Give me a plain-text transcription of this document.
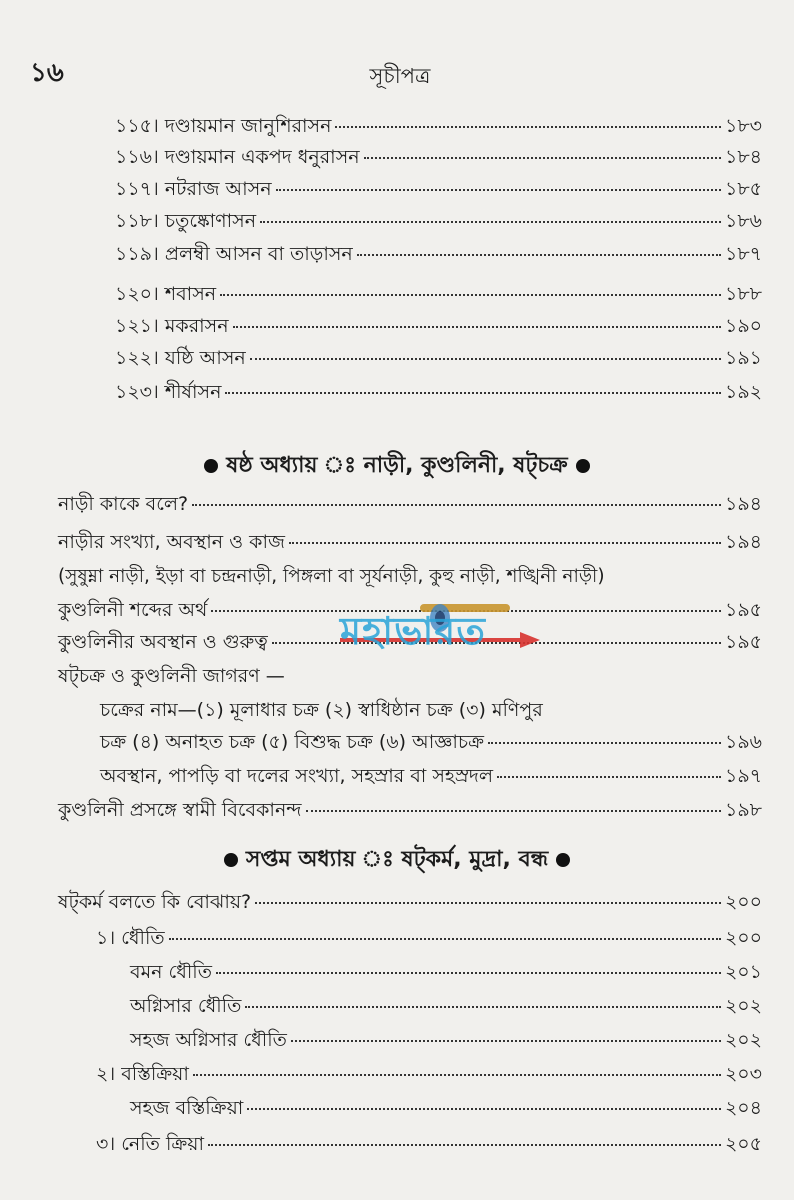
১৬	সূচীপত্র
১১৫। দণ্ডায়মান জানুশিরাসন	১৮৩
১১৬। দণ্ডায়মান একপদ ধনুরাসন	১৮৪
১১৭। নটরাজ আসন	১৮৫
১১৮। চতুষ্কোণাসন	১৮৬
১১৯। প্রলম্বী আসন বা তাড়াসন	১৮৭
১২০। শবাসন	১৮৮
১২১। মকরাসন	১৯০
১২২। যষ্ঠি আসন	১৯১
১২৩। শীর্ষাসন	১৯২
ষষ্ঠ অধ্যায় ঃ নাড়ী, কুণ্ডলিনী, ষট্‌চক্র
নাড়ী কাকে বলে?	১৯৪
নাড়ীর সংখ্যা, অবস্থান ও কাজ	১৯৪
(সুষুম্না নাড়ী, ইড়া বা চন্দ্রনাড়ী, পিঙ্গলা বা সূর্যনাড়ী, কুহু নাড়ী, শঙ্খিনী নাড়ী)
কুণ্ডলিনী শব্দের অর্থ	১৯৫
কুণ্ডলিনীর অবস্থান ও গুরুত্ব	১৯৫
ষট্‌চক্র ও কুণ্ডলিনী জাগরণ —
চক্রের নাম—(১) মূলাধার চক্র (২) স্বাধিষ্ঠান চক্র (৩) মণিপুর
চক্র (৪) অনাহত চক্র (৫) বিশুদ্ধ চক্র (৬) আজ্ঞাচক্র	১৯৬
অবস্থান, পাপড়ি বা দলের সংখ্যা, সহস্রার বা সহস্রদল	১৯৭
কুণ্ডলিনী প্রসঙ্গে স্বামী বিবেকানন্দ	১৯৮
সপ্তম অধ্যায় ঃ ষট্‌কর্ম, মুদ্রা, বন্ধ
ষট্‌কর্ম বলতে কি বোঝায়?	২০০
১। ধৌতি	২০০
বমন ধৌতি	২০১
অগ্নিসার ধৌতি	২০২
সহজ অগ্নিসার ধৌতি	২০২
২। বস্তিক্রিয়া	২০৩
সহজ বস্তিক্রিয়া	২০৪
৩। নেতি ক্রিয়া	২০৫
মহাভারত
